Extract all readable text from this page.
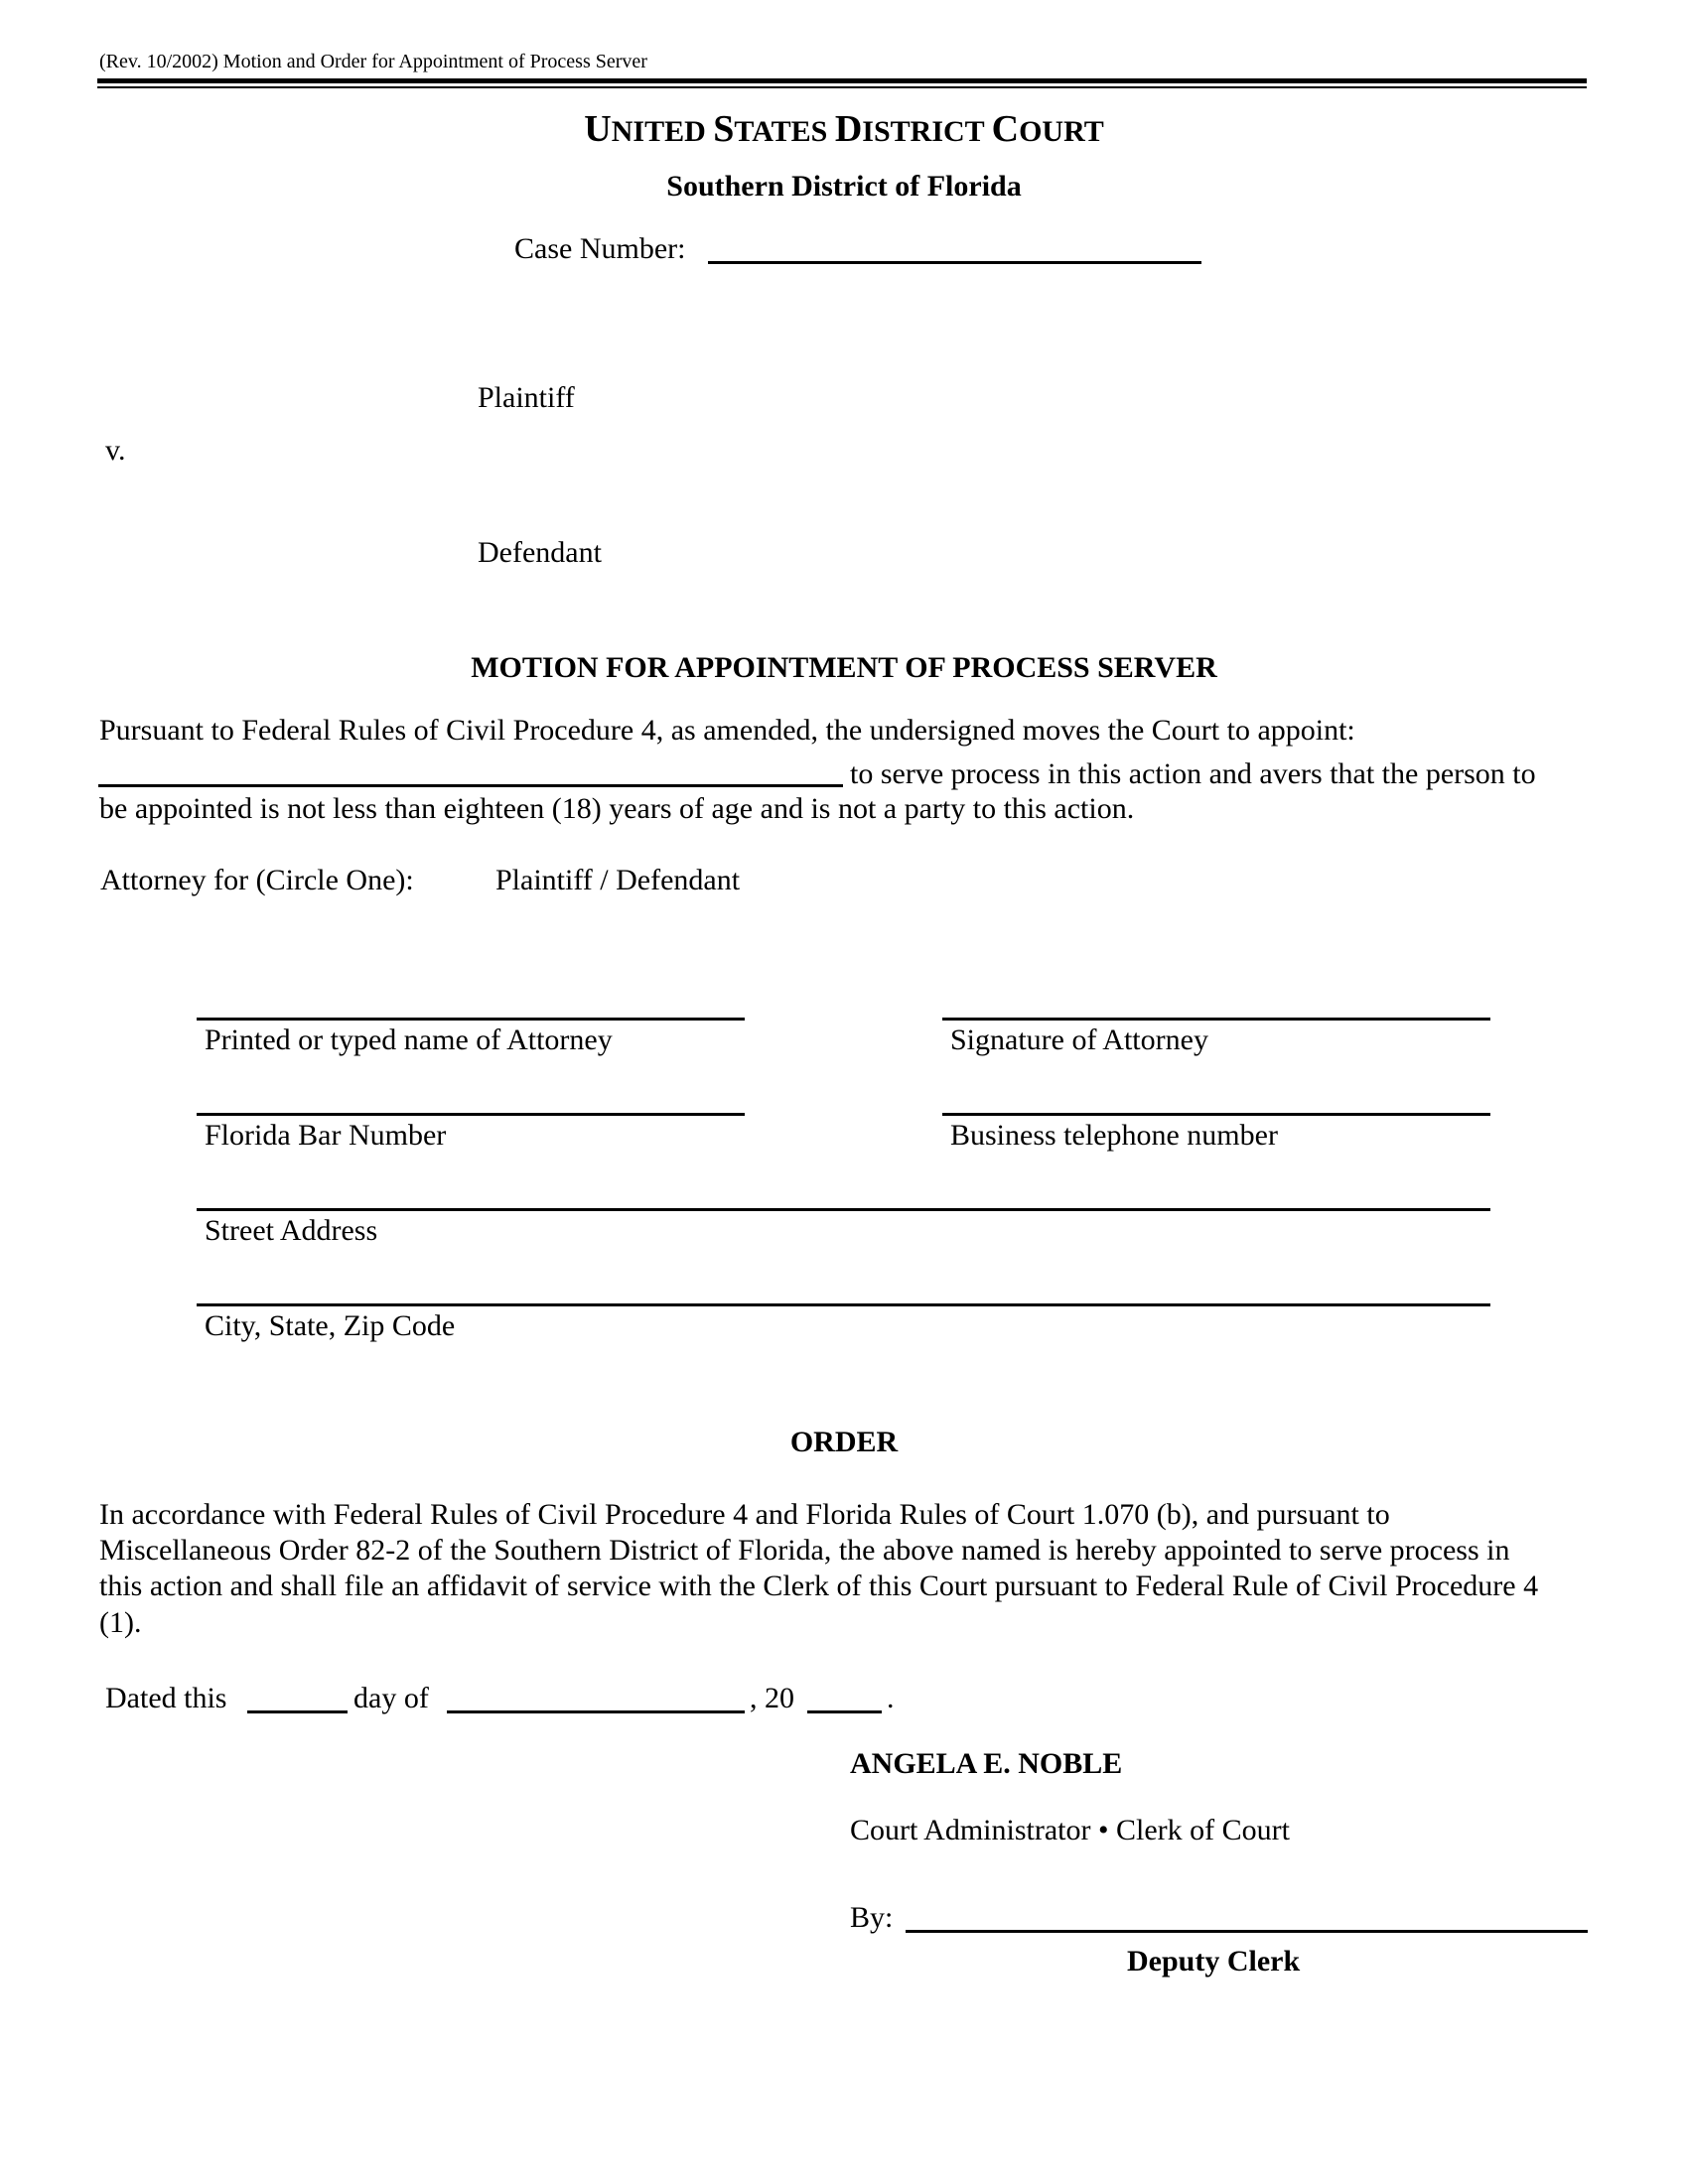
(Rev. 10/2002) Motion and Order for Appointment of Process Server
UNITED STATES DISTRICT COURT
Southern District of Florida
Case Number:
Plaintiff
v.
Defendant
MOTION FOR APPOINTMENT OF PROCESS SERVER
Pursuant to Federal Rules of Civil Procedure 4, as amended, the undersigned moves the Court to appoint:
to serve process in this action and avers that the person to
be appointed is not less than eighteen (18) years of age and is not a party to this action.
Attorney for (Circle One):	Plaintiff / Defendant
Printed or typed name of Attorney	Signature of Attorney
Florida Bar Number	Business telephone number
Street Address
City, State, Zip Code
ORDER
In accordance with Federal Rules of Civil Procedure 4 and Florida Rules of Court 1.070 (b), and pursuant to
Miscellaneous Order 82-2 of the Southern District of Florida, the above named is hereby appointed to serve process in
this action and shall file an affidavit of service with the Clerk of this Court pursuant to Federal Rule of Civil Procedure 4
(1).
Dated this	day of	, 20	.
ANGELA E. NOBLE
Court Administrator • Clerk of Court
By:
Deputy Clerk
